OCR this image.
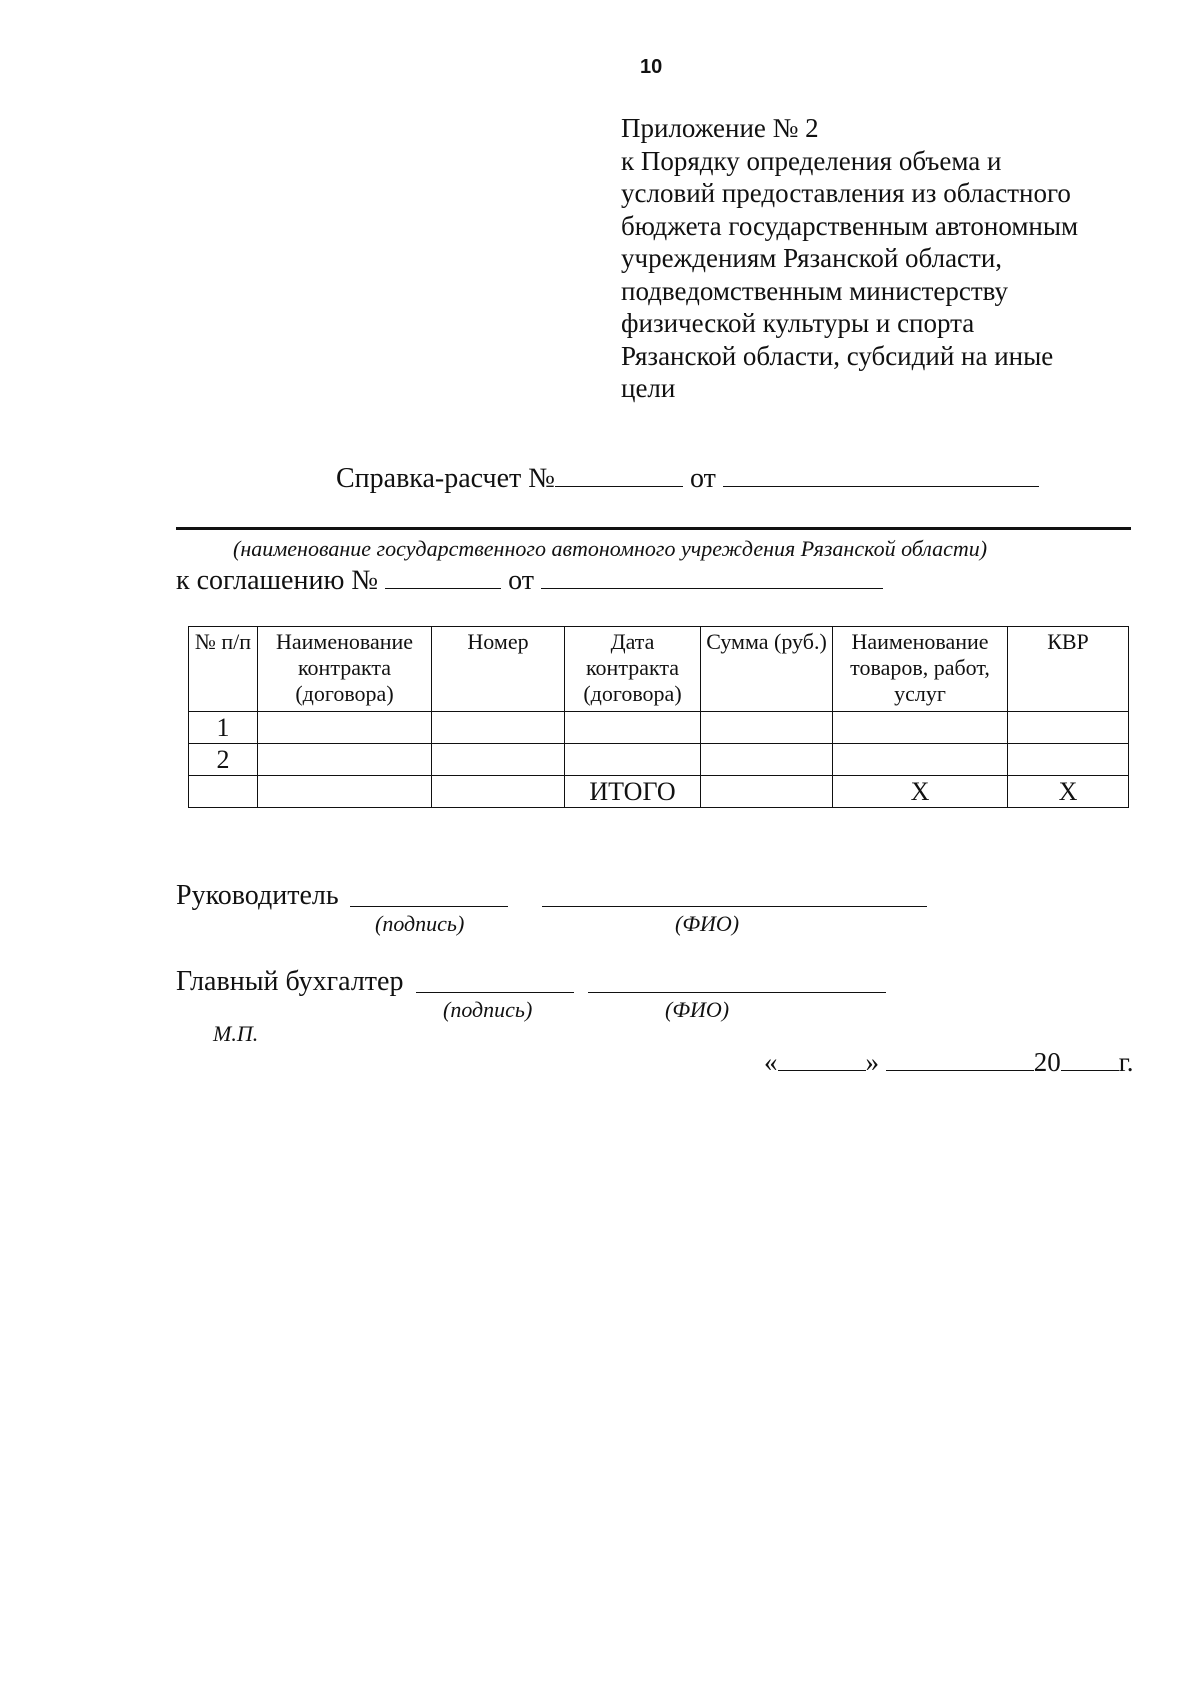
10
Приложение № 2
к Порядку определения объема и
условий предоставления из областного
бюджета государственным автономным
учреждениям Рязанской области,
подведомственным министерству
физической культуры и спорта
Рязанской области, субсидий на иные
цели
Справка-расчет №	от
(наименование государственного автономного учреждения Рязанской области)
к соглашению №	от
№ п/п	Наименование контракта (договора)	Номер	Дата контракта (договора)	Сумма (руб.)	Наименование товаров, работ, услуг	КВР
1						
2						
			ИТОГО		X	X
Руководитель
(подпись)	(ФИО)
Главный бухгалтер
(подпись)	(ФИО)
М.П.
«	»	20 г.
